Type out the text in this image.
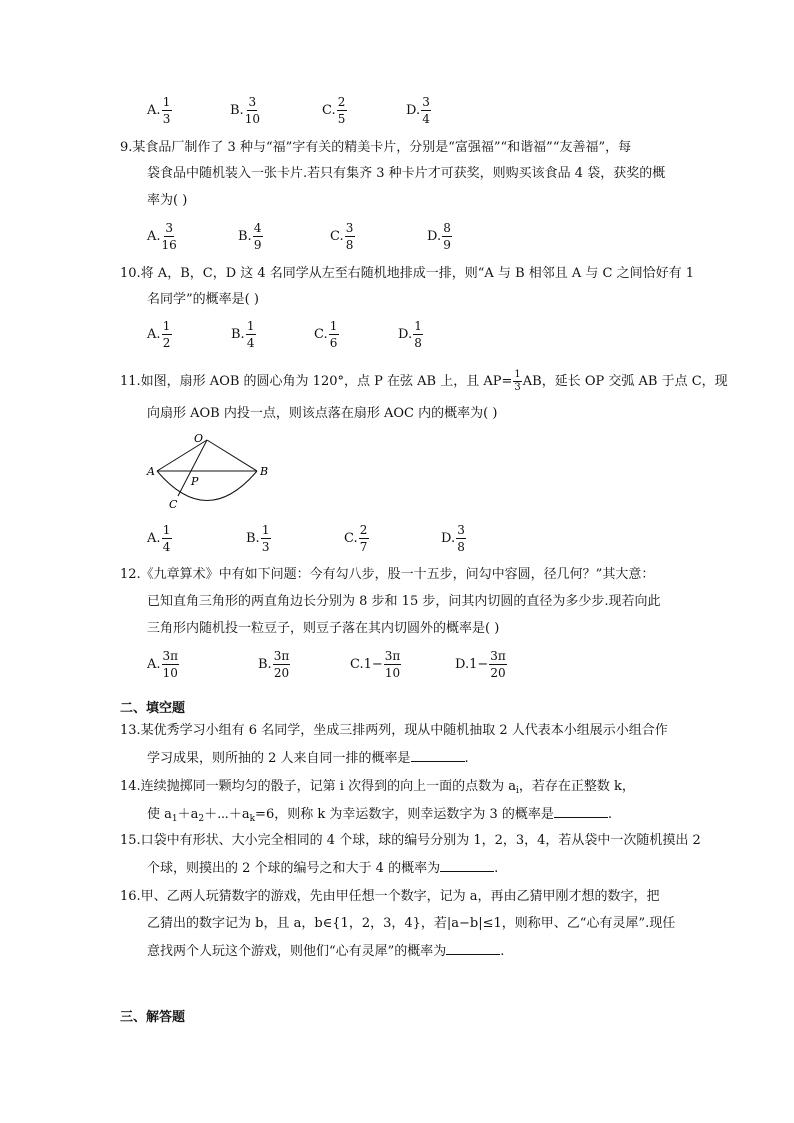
A. $\frac{1}{3}$	B. $\frac{3}{10}$	C. $\frac{2}{5}$	D. $\frac{3}{4}$
9.某食品厂制作了 3 种与“福”字有关的精美卡片，分别是“富强福”“和谐福”“友善福”，每
袋食品中随机装入一张卡片.若只有集齐 3 种卡片才可获奖，则购买该食品 4 袋，获奖的概
率为( )
A. $\frac{3}{16}$	B. $\frac{4}{9}$	C. $\frac{3}{8}$	D. $\frac{8}{9}$
10.将 A，B，C，D 这 4 名同学从左至右随机地排成一排，则“A 与 B 相邻且 A 与 C 之间恰好有 1
名同学”的概率是( )
A. $\frac{1}{2}$	B. $\frac{1}{4}$	C. $\frac{1}{6}$	D. $\frac{1}{8}$
11.如图，扇形 AOB 的圆心角为 120°，点 P 在弦 AB 上，且 $AP= \frac{1}{3}$ AB，延长 OP 交弧 AB 于点 C，现
向扇形 AOB 内投一点，则该点落在扇形 AOC 内的概率为( )
O
A	B
P
C
A. $\frac{1}{4}$	B. $\frac{1}{3}$	C. $\frac{2}{7}$	D. $\frac{3}{8}$
12.《九章算术》中有如下问题：今有勾八步，股一十五步，问勾中容圆，径几何？”其大意：
已知直角三角形的两直角边长分别为 8 步和 15 步，问其内切圆的直径为多少步.现若向此
三角形内随机投一粒豆子，则豆子落在其内切圆外的概率是( )
A. $\frac{3\pi}{10}$	B. $\frac{3\pi}{20}$	C. $1- \frac{3\pi}{10}$	D. $1- \frac{3\pi}{20}$
二、填空题
13.某优秀学习小组有 6 名同学，坐成三排两列，现从中随机抽取 2 人代表本小组展示小组合作
学习成果，则所抽的 2 人来自同一排的概率是	.
14.连续抛掷同一颗均匀的骰子，记第 i 次得到的向上一面的点数为 $a_i$，若存在正整数 k，
使 $a_1+a_2+\cdots+a_k=6$，则称 k 为幸运数字，则幸运数字为 3 的概率是	.
15.口袋中有形状、大小完全相同的 4 个球，球的编号分别为 1，2，3，4，若从袋中一次随机摸出 2
个球，则摸出的 2 个球的编号之和大于 4 的概率为	.
16.甲、乙两人玩猜数字的游戏，先由甲任想一个数字，记为 a，再由乙猜甲刚才想的数字，把
乙猜出的数字记为 b，且 a，b∈{1，2，3，4}，若|a−b|≤1，则称甲、乙“心有灵犀”.现任
意找两个人玩这个游戏，则他们“心有灵犀”的概率为	.
三、解答题
